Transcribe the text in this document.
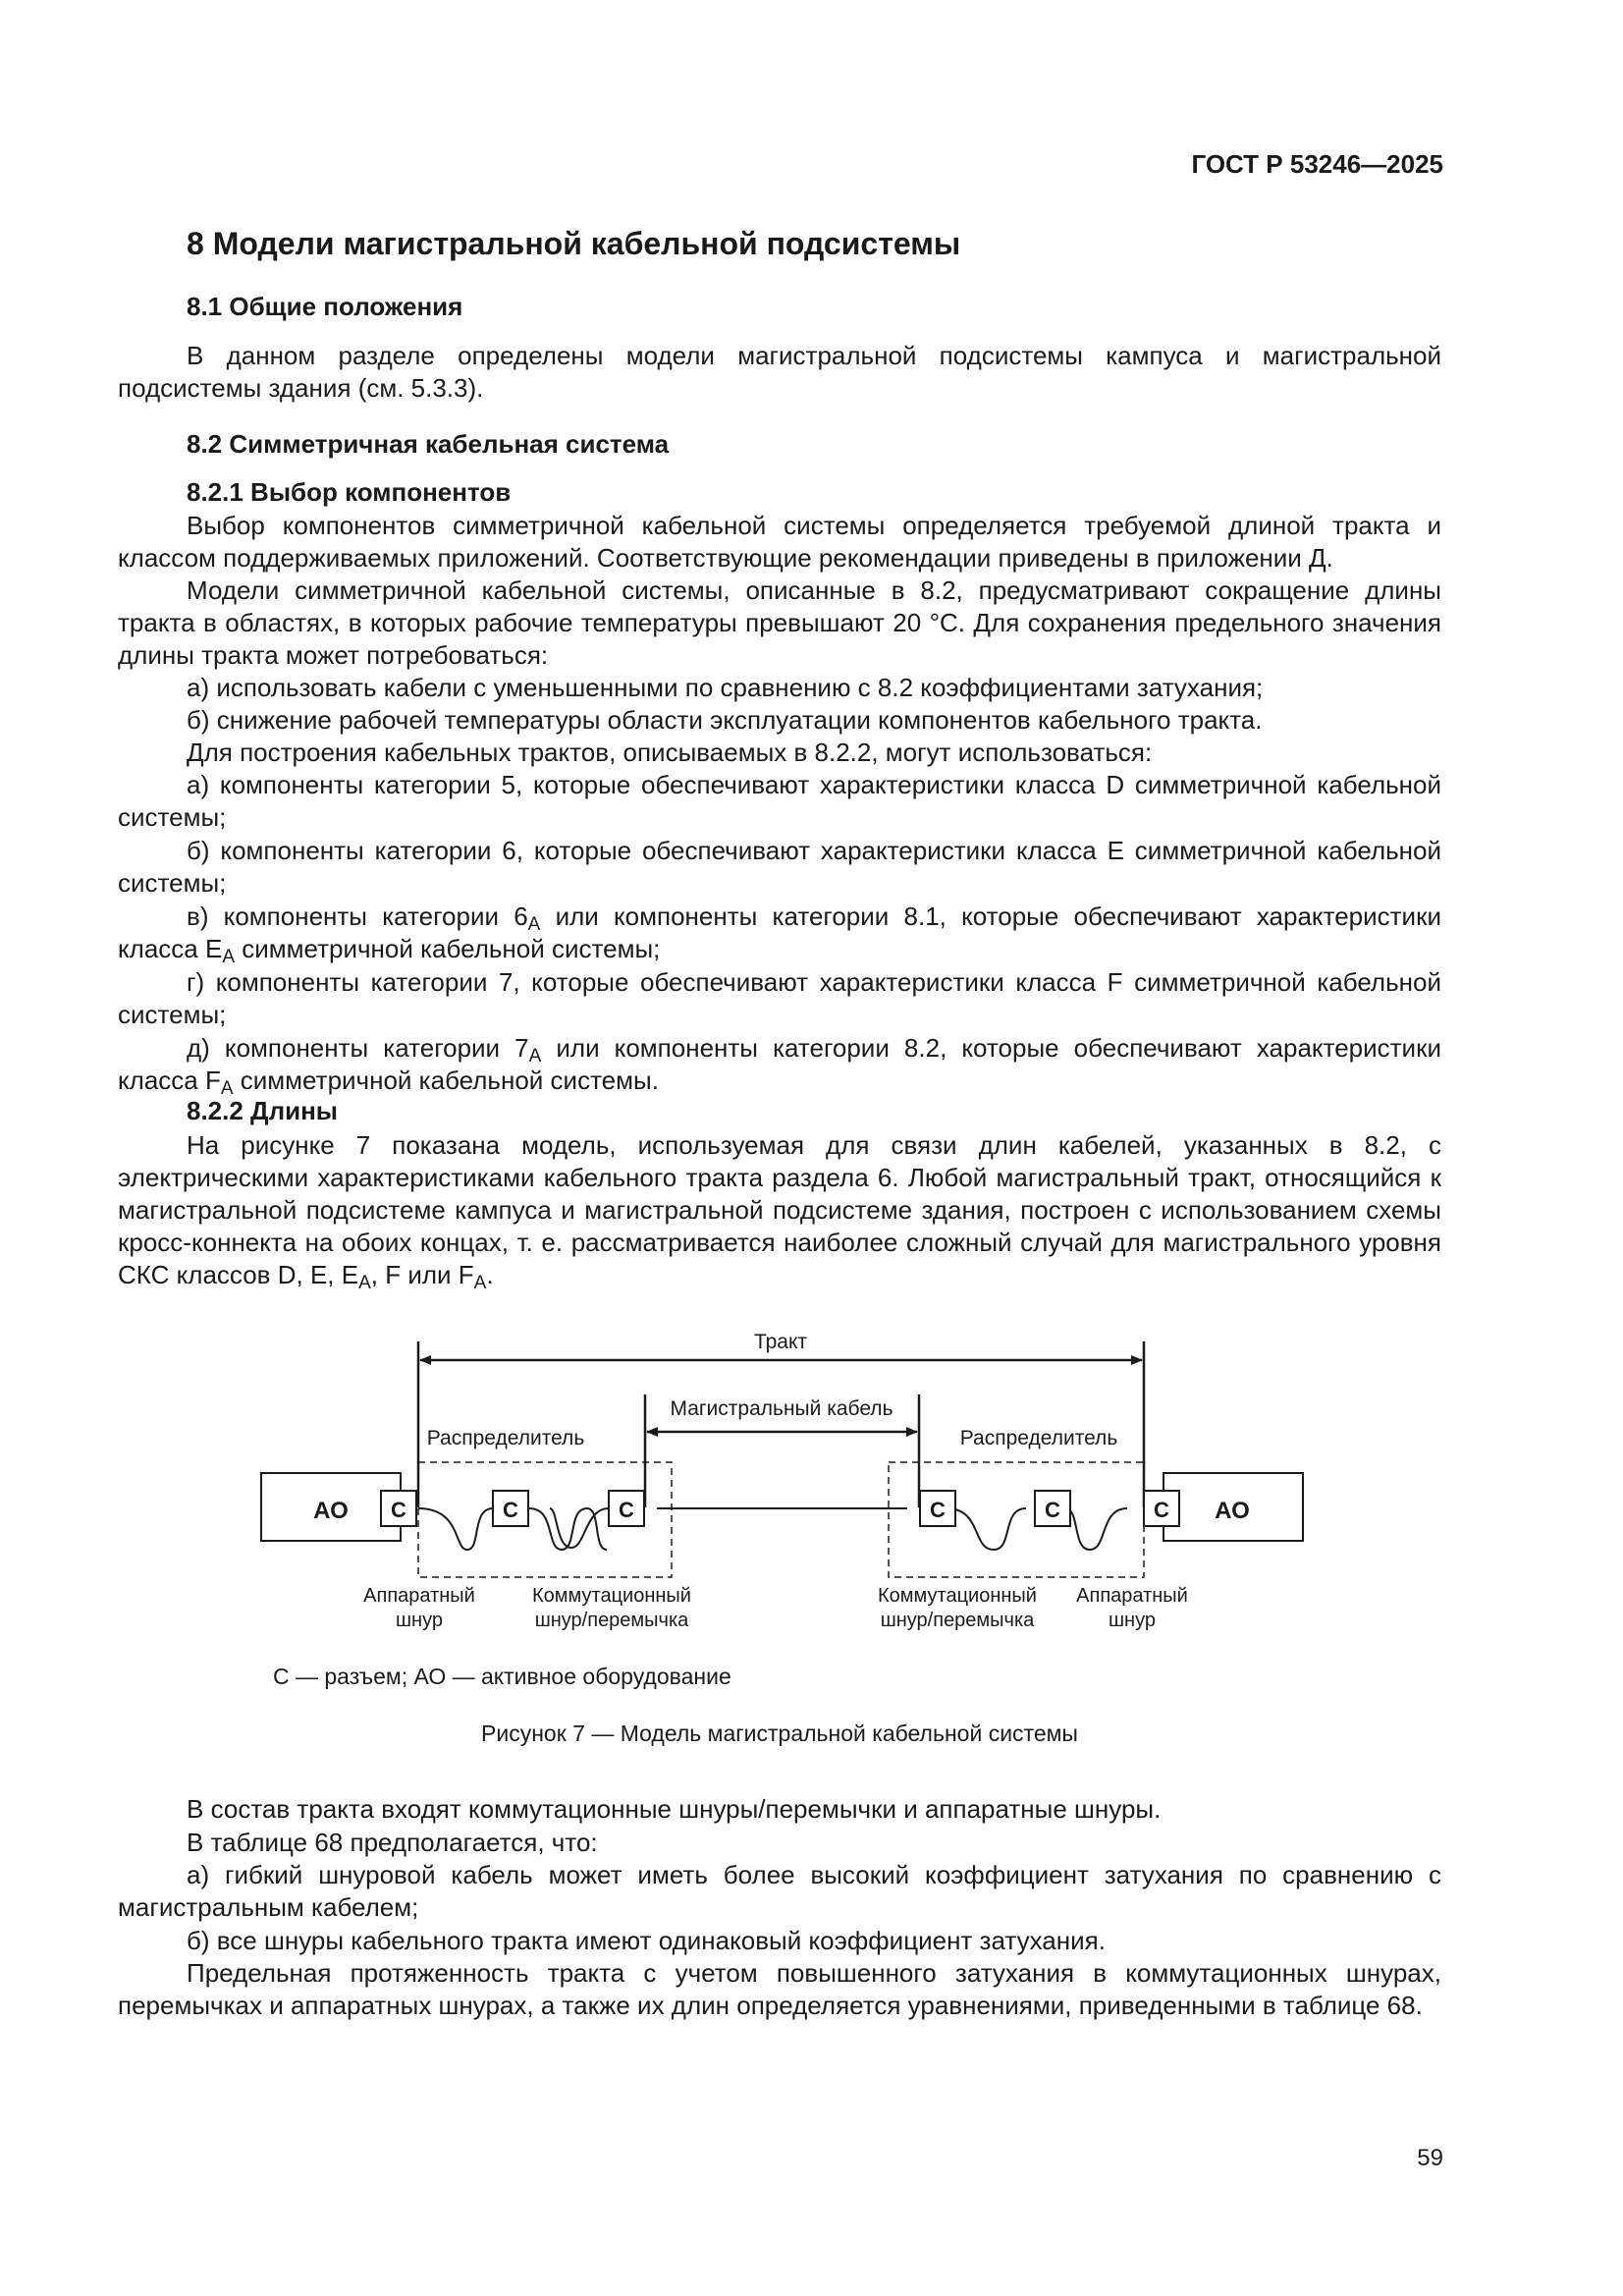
ГОСТ Р 53246—2025
8 Модели магистральной кабельной подсистемы
8.1 Общие положения
В данном разделе определены модели магистральной подсистемы кампуса и магистральной подсистемы здания (см. 5.3.3).
8.2 Симметричная кабельная система
8.2.1 Выбор компонентов
Выбор компонентов симметричной кабельной системы определяется требуемой длиной тракта и классом поддерживаемых приложений. Соответствующие рекомендации приведены в приложении Д.
Модели симметричной кабельной системы, описанные в 8.2, предусматривают сокращение длины тракта в областях, в которых рабочие температуры превышают 20 °С. Для сохранения предельного значения длины тракта может потребоваться:
а) использовать кабели с уменьшенными по сравнению с 8.2 коэффициентами затухания;
б) снижение рабочей температуры области эксплуатации компонентов кабельного тракта.
Для построения кабельных трактов, описываемых в 8.2.2, могут использоваться:
а) компоненты категории 5, которые обеспечивают характеристики класса D симметричной кабельной системы;
б) компоненты категории 6, которые обеспечивают характеристики класса E симметричной кабельной системы;
в) компоненты категории $6_A$ или компоненты категории 8.1, которые обеспечивают характеристики класса $E_A$ симметричной кабельной системы;
г) компоненты категории 7, которые обеспечивают характеристики класса F симметричной кабельной системы;
д) компоненты категории $7_A$ или компоненты категории 8.2, которые обеспечивают характеристики класса $F_A$ симметричной кабельной системы.
8.2.2 Длины
На рисунке 7 показана модель, используемая для связи длин кабелей, указанных в 8.2, с электрическими характеристиками кабельного тракта раздела 6. Любой магистральный тракт, относящийся к магистральной подсистеме кампуса и магистральной подсистеме здания, построен с использованием схемы кросс-коннекта на обоих концах, т. е. рассматривается наиболее сложный случай для магистрального уровня СКС классов D, E, $E_A$, F или $F_A$.
Тракт
Магистральный кабель
Распределитель	Распределитель
АО	АО
С	С	С	С	С	С
Аппаратный
шнур
Коммутационный
шнур/перемычка
Коммутационный
шнур/перемычка
Аппаратный
шнур
С — разъем; АО — активное оборудование
Рисунок 7 — Модель магистральной кабельной системы
В состав тракта входят коммутационные шнуры/перемычки и аппаратные шнуры.
В таблице 68 предполагается, что:
а) гибкий шнуровой кабель может иметь более высокий коэффициент затухания по сравнению с магистральным кабелем;
б) все шнуры кабельного тракта имеют одинаковый коэффициент затухания.
Предельная протяженность тракта с учетом повышенного затухания в коммутационных шнурах, перемычках и аппаратных шнурах, а также их длин определяется уравнениями, приведенными в таблице 68.
59
